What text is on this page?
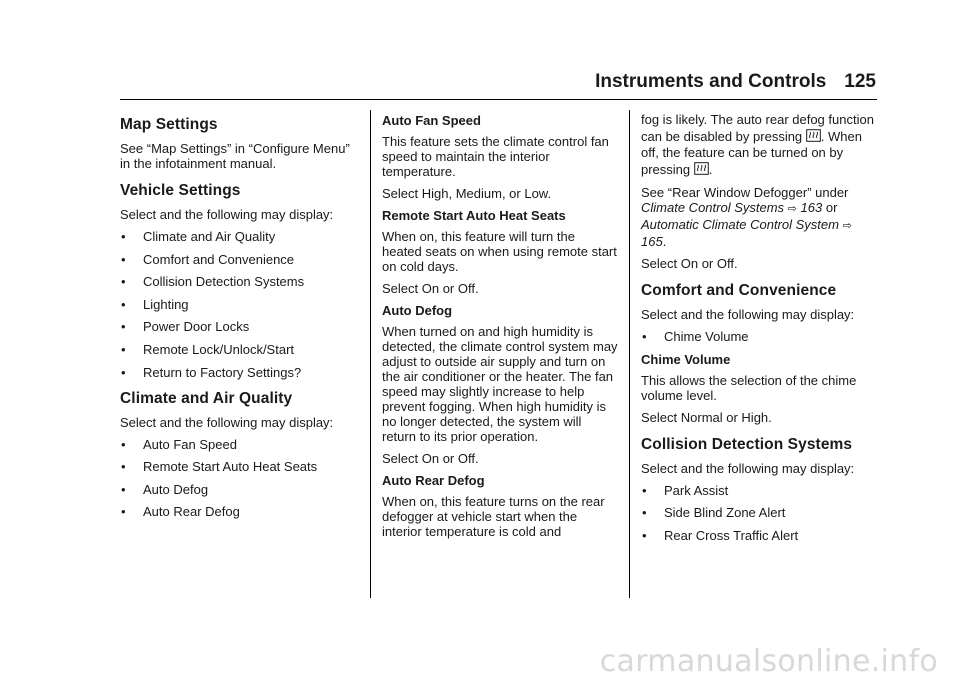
Instruments and Controls 125
Map Settings

See “Map Settings” in “Configure Menu” in the infotainment manual.

Vehicle Settings

Select and the following may display:

•	Climate and Air Quality
•	Comfort and Convenience
•	Collision Detection Systems
•	Lighting
•	Power Door Locks
•	Remote Lock/Unlock/Start
•	Return to Factory Settings?
Climate and Air Quality

Select and the following may display:

•	Auto Fan Speed
•	Remote Start Auto Heat Seats
•	Auto Defog
•	Auto Rear Defog
Auto Fan Speed

This feature sets the climate control fan speed to maintain the interior temperature.

Select High, Medium, or Low.

Remote Start Auto Heat Seats

When on, this feature will turn the heated seats on when using remote start on cold days.

Select On or Off.

Auto Defog

When turned on and high humidity is detected, the climate control system may adjust to outside air supply and turn on the air conditioner or the heater. The fan speed may slightly increase to help prevent fogging. When high humidity is no longer detected, the system will return to its prior operation.

Select On or Off.

Auto Rear Defog

When on, this feature turns on the rear defogger at vehicle start when the interior temperature is cold and

fog is likely. The auto rear defog function can be disabled by pressing . When off, the feature can be turned on by pressing .

See “Rear Window Defogger” under Climate Control Systems ⇨ 163 or Automatic Climate Control System ⇨ 165.

Select On or Off.

Comfort and Convenience

Select and the following may display:

•	Chime Volume
Chime Volume

This allows the selection of the chime volume level.

Select Normal or High.

Collision Detection Systems

Select and the following may display:

•	Park Assist
•	Side Blind Zone Alert
•	Rear Cross Traffic Alert
carmanualsonline.info
